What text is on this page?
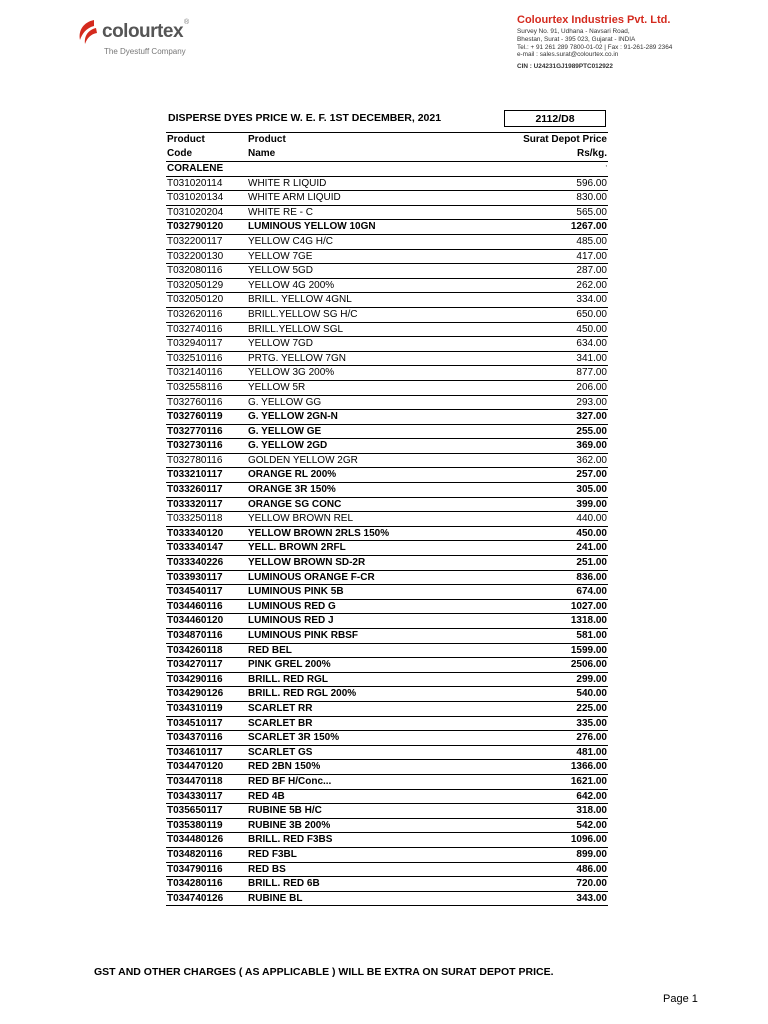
colourtex ®
The Dyestuff Company
Colourtex Industries Pvt. Ltd.
Survey No. 91, Udhana - Navsari Road,
Bhestan, Surat - 395 023, Gujarat - INDIA
Tel.: + 91 261 289 7800-01-02 | Fax : 91-261-289 2364
e-mail : sales.surat@colourtex.co.in
CIN : U24231GJ1989PTC012922
DISPERSE DYES PRICE W. E. F. 1ST DECEMBER, 2021	2112/D8
Product	Product	Surat Depot Price
Code	Name	Rs/kg.
CORALENE	'
T031020114	WHITE R LIQUID	596.00
T031020134	WHITE ARM LIQUID	830.00
T031020204	WHITE RE - C	565.00
T032790120	LUMINOUS YELLOW 10GN	1267.00
T032200117	YELLOW C4G H/C	485.00
T032200130	YELLOW 7GE	417.00
T032080116	YELLOW 5GD	287.00
T032050129	YELLOW 4G 200%	262.00
T032050120	BRILL. YELLOW 4GNL	334.00
T032620116	BRILL.YELLOW SG H/C	650.00
T032740116	BRILL.YELLOW SGL	450.00
T032940117	YELLOW 7GD	634.00
T032510116	PRTG. YELLOW 7GN	341.00
T032140116	YELLOW 3G 200%	877.00
T032558116	YELLOW 5R	206.00
T032760116	G. YELLOW GG	293.00
T032760119	G. YELLOW 2GN-N	327.00
T032770116	G. YELLOW GE	255.00
T032730116	G. YELLOW 2GD	369.00
T032780116	GOLDEN YELLOW 2GR	362.00
T033210117	ORANGE RL 200%	257.00
T033260117	ORANGE 3R 150%	305.00
T033320117	ORANGE SG CONC	399.00
T033250118	YELLOW BROWN REL	440.00
T033340120	YELLOW BROWN 2RLS 150%	450.00
T033340147	YELL. BROWN 2RFL	241.00
T033340226	YELLOW BROWN SD-2R	251.00
T033930117	LUMINOUS ORANGE F-CR	836.00
T034540117	LUMINOUS PINK 5B	674.00
T034460116	LUMINOUS RED G	1027.00
T034460120	LUMINOUS RED J	1318.00
T034870116	LUMINOUS PINK RBSF	581.00
T034260118	RED BEL	1599.00
T034270117	PINK GREL 200%	2506.00
T034290116	BRILL. RED RGL	299.00
T034290126	BRILL. RED RGL 200%	540.00
T034310119	SCARLET RR	225.00
T034510117	SCARLET BR	335.00
T034370116	SCARLET 3R 150%	276.00
T034610117	SCARLET GS	481.00
T034470120	RED 2BN 150%	1366.00
T034470118	RED BF H/Conc...	1621.00
T034330117	RED 4B	642.00
T035650117	RUBINE 5B H/C	318.00
T035380119	RUBINE 3B 200%	542.00
T034480126	BRILL. RED F3BS	1096.00
T034820116	RED F3BL	899.00
T034790116	RED BS	486.00
T034280116	BRILL. RED 6B	720.00
T034740126	RUBINE BL	343.00
GST AND OTHER CHARGES ( AS APPLICABLE ) WILL BE EXTRA ON SURAT DEPOT PRICE.
Page 1
